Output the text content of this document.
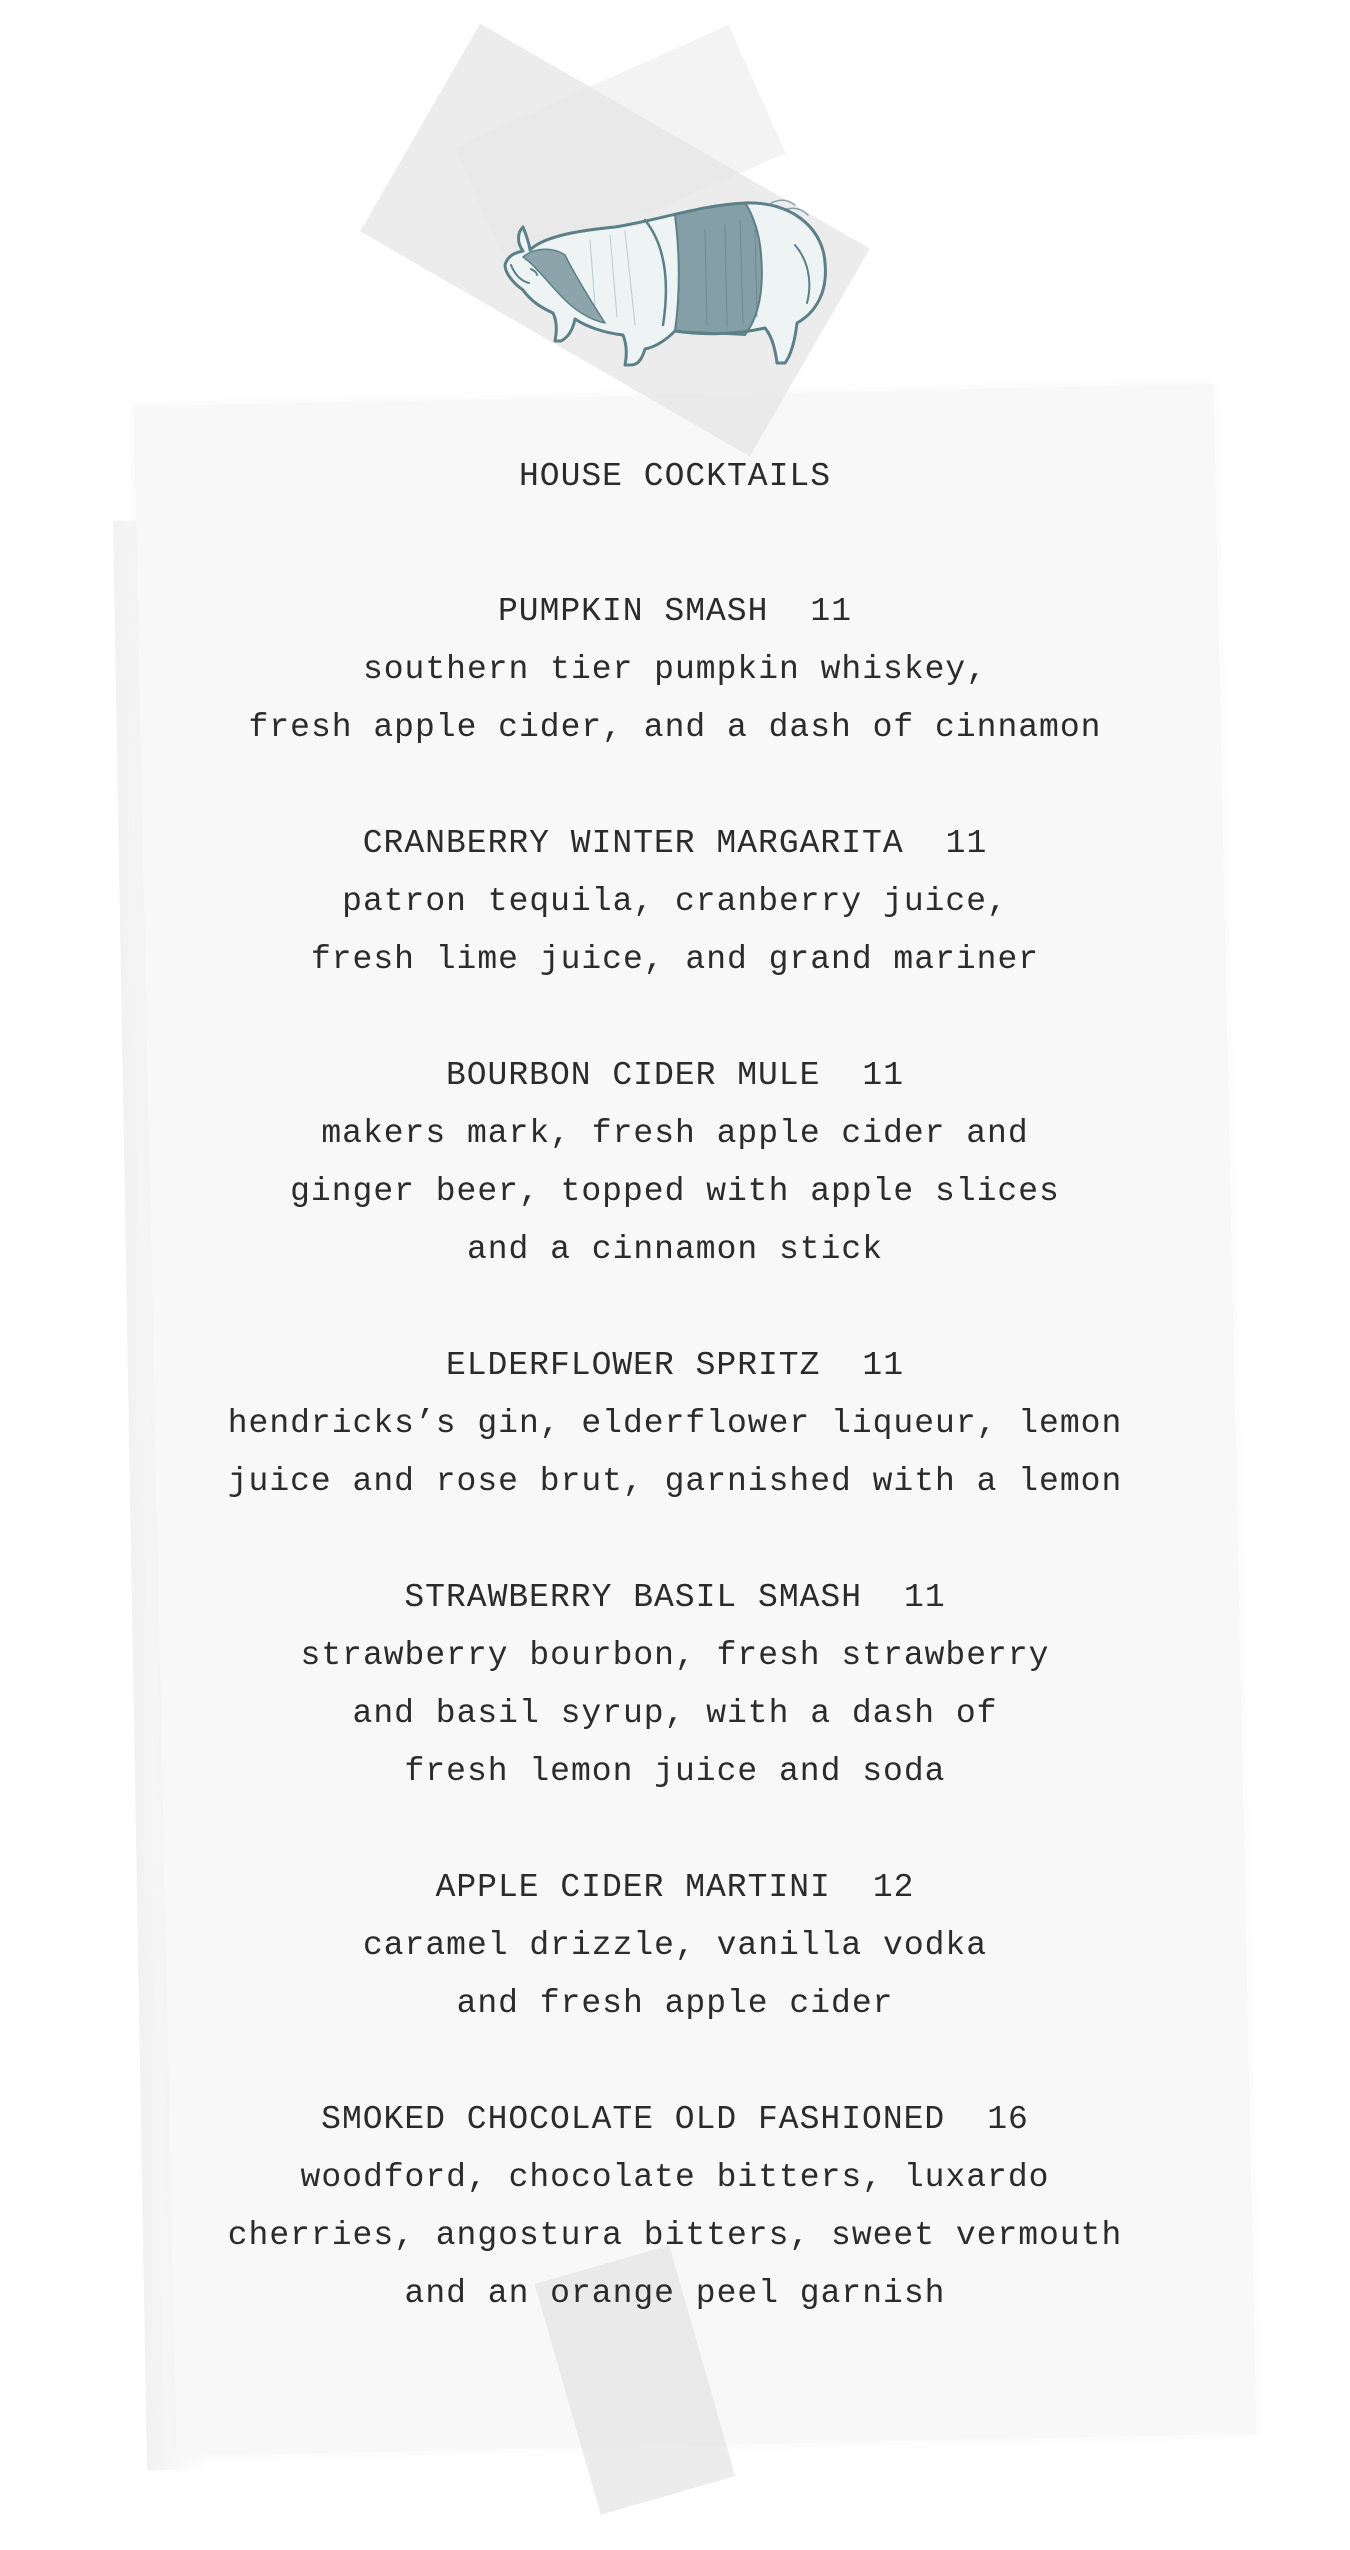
HOUSE COCKTAILS
PUMPKIN SMASH 11
southern tier pumpkin whiskey,
fresh apple cider, and a dash of cinnamon
CRANBERRY WINTER MARGARITA 11
patron tequila, cranberry juice,
fresh lime juice, and grand mariner
BOURBON CIDER MULE 11
makers mark, fresh apple cider and
ginger beer, topped with apple slices
and a cinnamon stick
ELDERFLOWER SPRITZ 11
hendricks’s gin, elderflower liqueur, lemon
juice and rose brut, garnished with a lemon
STRAWBERRY BASIL SMASH 11
strawberry bourbon, fresh strawberry
and basil syrup, with a dash of
fresh lemon juice and soda
APPLE CIDER MARTINI 12
caramel drizzle, vanilla vodka
and fresh apple cider
SMOKED CHOCOLATE OLD FASHIONED 16
woodford, chocolate bitters, luxardo
cherries, angostura bitters, sweet vermouth
and an orange peel garnish
